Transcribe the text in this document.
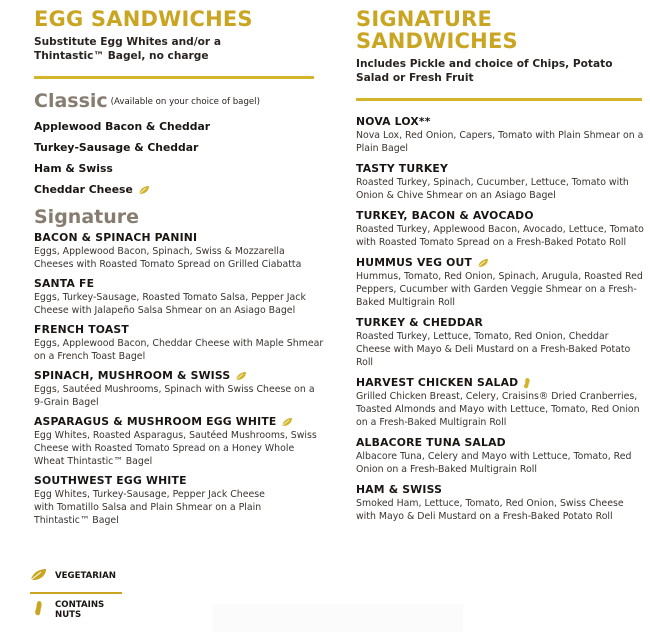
EGG SANDWICHES
Substitute Egg Whites and/or a Thintastic™ Bagel, no charge
Classic (Available on your choice of bagel)
Applewood Bacon & Cheddar
Turkey-Sausage & Cheddar
Ham & Swiss
Cheddar Cheese
Signature
BACON & SPINACH PANINI
Eggs, Applewood Bacon, Spinach, Swiss & Mozzarella Cheeses with Roasted Tomato Spread on Grilled Ciabatta
SANTA FE
Eggs, Turkey-Sausage, Roasted Tomato Salsa, Pepper Jack Cheese with Jalapeño Salsa Shmear on an Asiago Bagel
FRENCH TOAST
Eggs, Applewood Bacon, Cheddar Cheese with Maple Shmear on a French Toast Bagel
SPINACH, MUSHROOM & SWISS
Eggs, Sautéed Mushrooms, Spinach with Swiss Cheese on a 9-Grain Bagel
ASPARAGUS & MUSHROOM EGG WHITE
Egg Whites, Roasted Asparagus, Sautéed Mushrooms, Swiss Cheese with Roasted Tomato Spread on a Honey Whole Wheat Thintastic™ Bagel
SOUTHWEST EGG WHITE
Egg Whites, Turkey-Sausage, Pepper Jack Cheese with Tomatillo Salsa and Plain Shmear on a Plain Thintastic™ Bagel
SIGNATURE
SANDWICHES
Includes Pickle and choice of Chips, Potato Salad or Fresh Fruit
NOVA LOX**
Nova Lox, Red Onion, Capers, Tomato with Plain Shmear on a Plain Bagel
TASTY TURKEY
Roasted Turkey, Spinach, Cucumber, Lettuce, Tomato with Onion & Chive Shmear on an Asiago Bagel
TURKEY, BACON & AVOCADO
Roasted Turkey, Applewood Bacon, Avocado, Lettuce, Tomato with Roasted Tomato Spread on a Fresh-Baked Potato Roll
HUMMUS VEG OUT
Hummus, Tomato, Red Onion, Spinach, Arugula, Roasted Red Peppers, Cucumber with Garden Veggie Shmear on a Fresh-Baked Multigrain Roll
TURKEY & CHEDDAR
Roasted Turkey, Lettuce, Tomato, Red Onion, Cheddar Cheese with Mayo & Deli Mustard on a Fresh-Baked Potato Roll
HARVEST CHICKEN SALAD
Grilled Chicken Breast, Celery, Craisins® Dried Cranberries, Toasted Almonds and Mayo with Lettuce, Tomato, Red Onion on a Fresh-Baked Multigrain Roll
ALBACORE TUNA SALAD
Albacore Tuna, Celery and Mayo with Lettuce, Tomato, Red Onion on a Fresh-Baked Multigrain Roll
HAM & SWISS
Smoked Ham, Lettuce, Tomato, Red Onion, Swiss Cheese with Mayo & Deli Mustard on a Fresh-Baked Potato Roll
VEGETARIAN
CONTAINS
NUTS
